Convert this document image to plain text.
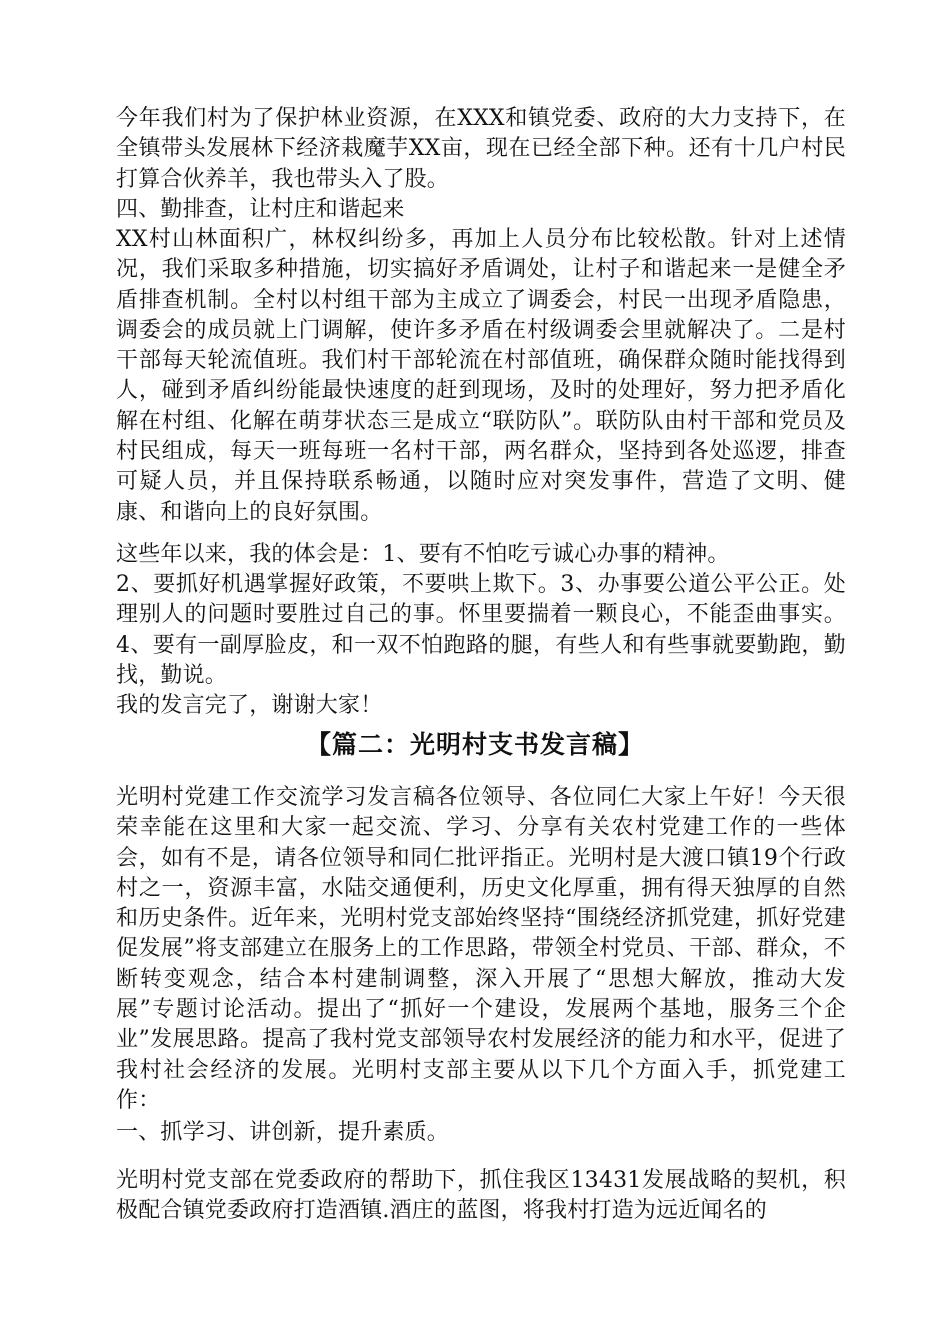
今年我们村为了保护林业资源，在XXX和镇党委、政府的大力支持下，在全镇带头发展林下经济栽魔芋XX亩，现在已经全部下种。还有十几户村民打算合伙养羊，我也带头入了股。

四、勤排查，让村庄和谐起来

XX村山林面积广，林权纠纷多，再加上人员分布比较松散。针对上述情况，我们采取多种措施，切实搞好矛盾调处，让村子和谐起来一是健全矛盾排查机制。全村以村组干部为主成立了调委会，村民一出现矛盾隐患，调委会的成员就上门调解，使许多矛盾在村级调委会里就解决了。二是村干部每天轮流值班。我们村干部轮流在村部值班，确保群众随时能找得到人，碰到矛盾纠纷能最快速度的赶到现场，及时的处理好，努力把矛盾化解在村组、化解在萌芽状态三是成立“联防队”。联防队由村干部和党员及村民组成，每天一班每班一名村干部，两名群众，坚持到各处巡逻，排查可疑人员，并且保持联系畅通，以随时应对突发事件，营造了文明、健康、和谐向上的良好氛围。

这些年以来，我的体会是：1、要有不怕吃亏诚心办事的精神。

2、要抓好机遇掌握好政策，不要哄上欺下。3、办事要公道公平公正。处理别人的问题时要胜过自己的事。怀里要揣着一颗良心，不能歪曲事实。4、要有一副厚脸皮，和一双不怕跑路的腿，有些人和有些事就要勤跑，勤找，勤说。

我的发言完了，谢谢大家！

【篇二：光明村支书发言稿】

光明村党建工作交流学习发言稿各位领导、各位同仁大家上午好！今天很荣幸能在这里和大家一起交流、学习、分享有关农村党建工作的一些体会，如有不是，请各位领导和同仁批评指正。光明村是大渡口镇19个行政村之一，资源丰富，水陆交通便利，历史文化厚重，拥有得天独厚的自然和历史条件。近年来，光明村党支部始终坚持“围绕经济抓党建，抓好党建促发展”将支部建立在服务上的工作思路，带领全村党员、干部、群众，不断转变观念，结合本村建制调整，深入开展了“思想大解放，推动大发展”专题讨论活动。提出了“抓好一个建设，发展两个基地，服务三个企业”发展思路。提高了我村党支部领导农村发展经济的能力和水平，促进了我村社会经济的发展。光明村支部主要从以下几个方面入手，抓党建工作：

一、抓学习、讲创新，提升素质。

光明村党支部在党委政府的帮助下，抓住我区13431发展战略的契机，积极配合镇党委政府打造酒镇.酒庄的蓝图，将我村打造为远近闻名的
